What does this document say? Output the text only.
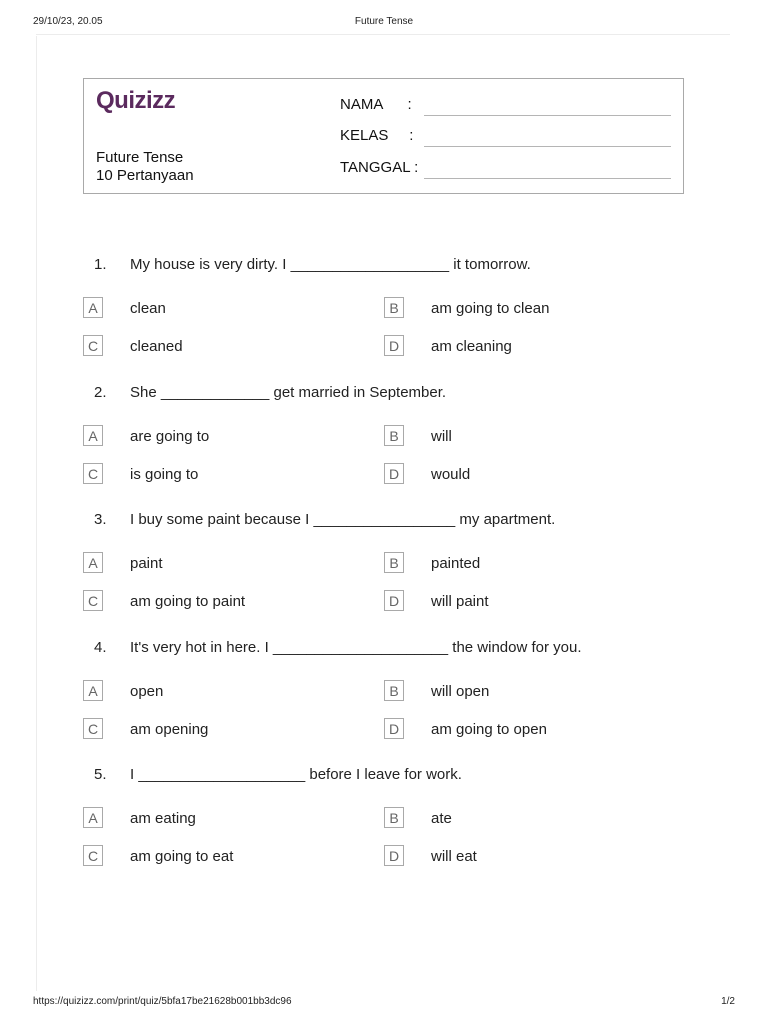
29/10/23, 20.05	Future Tense
Quizizz
Future Tense
10 Pertanyaan
NAMA      :
KELAS     :
TANGGAL :
1. My house is very dirty. I ___________________ it tomorrow.
A	clean	B	am going to clean
C	cleaned	D	am cleaning
2. She _____________ get married in September.
A	are going to	B	will
C	is going to	D	would
3. I buy some paint because I _________________ my apartment.
A	paint	B	painted
C	am going to paint	D	will paint
4. It's very hot in here. I _____________________ the window for you.
A	open	B	will open
C	am opening	D	am going to open
5. I ____________________ before I leave for work.
A	am eating	B	ate
C	am going to eat	D	will eat
https://quizizz.com/print/quiz/5bfa17be21628b001bb3dc96	1/2
